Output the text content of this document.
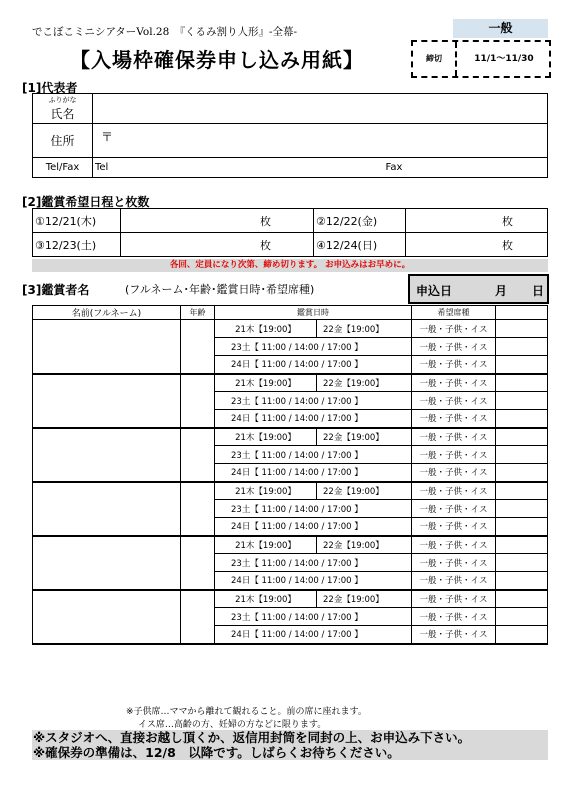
でこぼこミニシアターVol.28　『くるみ割り人形』-全幕-	一般
【入場枠確保券申し込み用紙】	締切	11/1～11/30
[1]代表者
ふりがな
氏名		

住所	〒	
Tel/Fax	Tel	Fax
[2]鑑賞希望日程と枚数
①12/21(木)	枚	②12/22(金)	枚
③12/23(土)	枚	④12/24(日)	枚
各回、定員になり次第、締め切ります。 お申込みはお早めに。
[3]鑑賞者名	(フルネーム･年齢･鑑賞日時･希望席種)	申込日	月 日
名前(フルネーム)	年齢	鑑賞日時		希望席種	
		21木【19:00】	22金【19:00】	一般・子供・イス	
		23土【 11:00 / 14:00 / 17:00 】		一般・子供・イス	
		24日【 11:00 / 14:00 / 17:00 】		一般・子供・イス	
		21木【19:00】	22金【19:00】	一般・子供・イス	
		23土【 11:00 / 14:00 / 17:00 】		一般・子供・イス	
		24日【 11:00 / 14:00 / 17:00 】		一般・子供・イス	
		21木【19:00】	22金【19:00】	一般・子供・イス	
		23土【 11:00 / 14:00 / 17:00 】		一般・子供・イス	
		24日【 11:00 / 14:00 / 17:00 】		一般・子供・イス	
		21木【19:00】	22金【19:00】	一般・子供・イス	
		23土【 11:00 / 14:00 / 17:00 】		一般・子供・イス	
		24日【 11:00 / 14:00 / 17:00 】		一般・子供・イス	
		21木【19:00】	22金【19:00】	一般・子供・イス	
		23土【 11:00 / 14:00 / 17:00 】		一般・子供・イス	
		24日【 11:00 / 14:00 / 17:00 】		一般・子供・イス	
		21木【19:00】	22金【19:00】	一般・子供・イス	
		23土【 11:00 / 14:00 / 17:00 】		一般・子供・イス	
		24日【 11:00 / 14:00 / 17:00 】		一般・子供・イス	
※子供席…ママから離れて観れること。前の席に座れます。
イス席…高齢の方、妊婦の方などに限ります。
※スタジオへ、直接お越し頂くか、返信用封筒を同封の上、お申込み下さい。
※確保券の準備は、12/8　以降です。しばらくお待ちください。
